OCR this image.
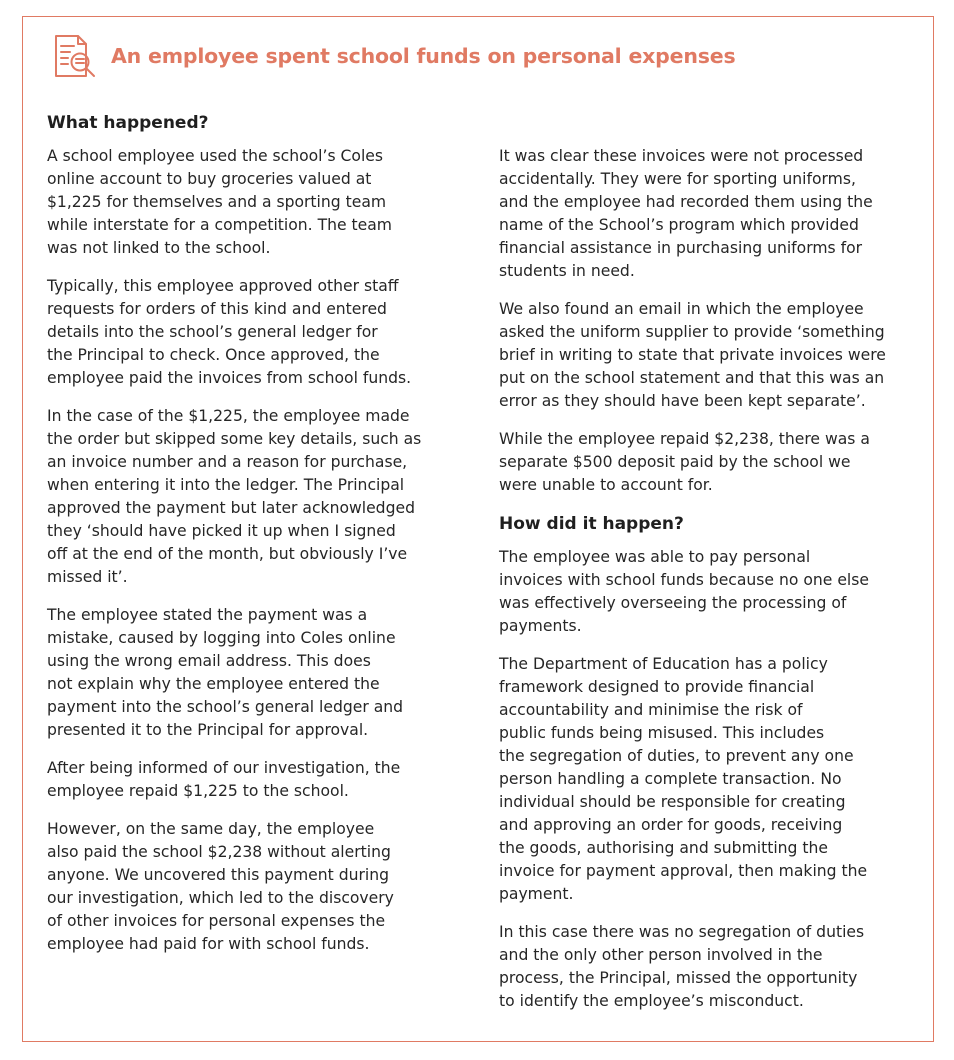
An employee spent school funds on personal expenses
What happened?

A school employee used the school’s Coles
online account to buy groceries valued at
$1,225 for themselves and a sporting team
while interstate for a competition. The team
was not linked to the school.

Typically, this employee approved other staff
requests for orders of this kind and entered
details into the school’s general ledger for
the Principal to check. Once approved, the
employee paid the invoices from school funds.

In the case of the $1,225, the employee made
the order but skipped some key details, such as
an invoice number and a reason for purchase,
when entering it into the ledger. The Principal
approved the payment but later acknowledged
they ‘should have picked it up when I signed
off at the end of the month, but obviously I’ve
missed it’.

The employee stated the payment was a
mistake, caused by logging into Coles online
using the wrong email address. This does
not explain why the employee entered the
payment into the school’s general ledger and
presented it to the Principal for approval.

After being informed of our investigation, the
employee repaid $1,225 to the school.

However, on the same day, the employee
also paid the school $2,238 without alerting
anyone. We uncovered this payment during
our investigation, which led to the discovery
of other invoices for personal expenses the
employee had paid for with school funds.

It was clear these invoices were not processed
accidentally. They were for sporting uniforms,
and the employee had recorded them using the
name of the School’s program which provided
financial assistance in purchasing uniforms for
students in need.

We also found an email in which the employee
asked the uniform supplier to provide ‘something
brief in writing to state that private invoices were
put on the school statement and that this was an
error as they should have been kept separate’.

While the employee repaid $2,238, there was a
separate $500 deposit paid by the school we
were unable to account for.

How did it happen?

The employee was able to pay personal
invoices with school funds because no one else
was effectively overseeing the processing of
payments.

The Department of Education has a policy
framework designed to provide financial
accountability and minimise the risk of
public funds being misused. This includes
the segregation of duties, to prevent any one
person handling a complete transaction. No
individual should be responsible for creating
and approving an order for goods, receiving
the goods, authorising and submitting the
invoice for payment approval, then making the
payment.

In this case there was no segregation of duties
and the only other person involved in the
process, the Principal, missed the opportunity
to identify the employee’s misconduct.
